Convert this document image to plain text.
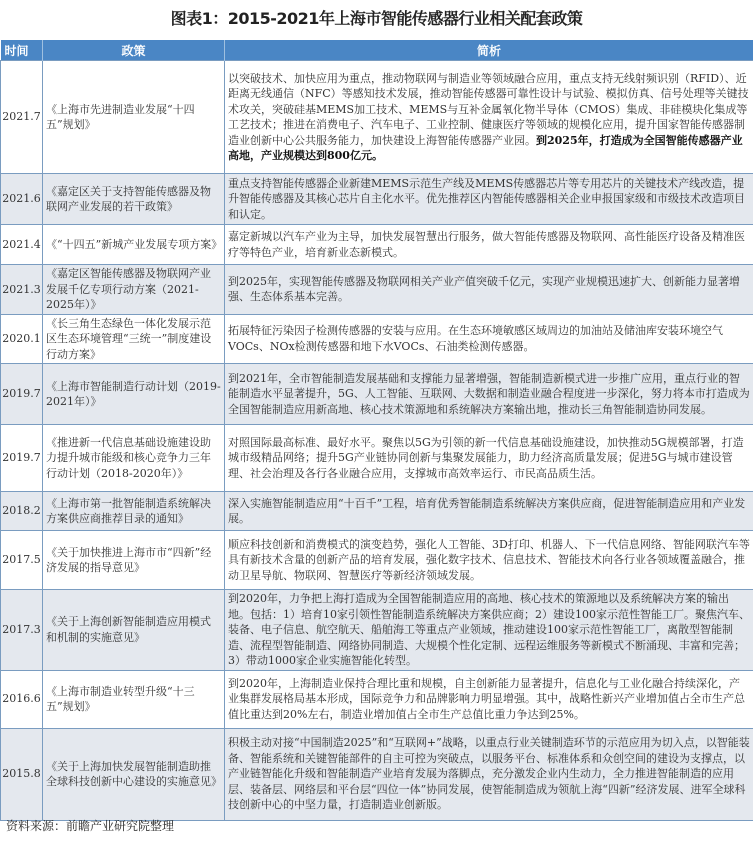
图表1：2015-2021年上海市智能传感器行业相关配套政策
时间	政策	简析
2021.7	《上海市先进制造业发展“十四五”规划》	以突破技术、加快应用为重点，推动物联网与制造业等领域融合应用，重点支持无线射频识别（RFID）、近距离无线通信（NFC）等感知技术发展，推动智能传感器可靠性设计与试验、模拟仿真、信号处理等关键技术攻关，突破硅基MEMS加工技术、MEMS与互补金属氧化物半导体（CMOS）集成、非硅模块化集成等工艺技术；推进在消费电子、汽车电子、工业控制、健康医疗等领域的规模化应用，提升国家智能传感器制造业创新中心公共服务能力，加快建设上海智能传感器产业园。到2025年，打造成为全国智能传感器产业高地，产业规模达到800亿元。
2021.6	《嘉定区关于支持智能传感器及物联网产业发展的若干政策》	重点支持智能传感器企业新建MEMS示范生产线及MEMS传感器芯片等专用芯片的关键技术产线改造，提升智能传感器及其核心芯片自主化水平。优先推荐区内智能传感器相关企业申报国家级和市级技术改造项目和认定。
2021.4	《“十四五”新城产业发展专项方案》	嘉定新城以汽车产业为主导，加快发展智慧出行服务，做大智能传感器及物联网、高性能医疗设备及精准医疗等特色产业，培育新业态新模式。
2021.3	《嘉定区智能传感器及物联网产业发展千亿专项行动方案（2021-2025年）》	到2025年，实现智能传感器及物联网相关产业产值突破千亿元，实现产业规模迅速扩大、创新能力显著增强、生态体系基本完善。
2020.1	《长三角生态绿色一体化发展示范区生态环境管理“三统一”制度建设行动方案》	拓展特征污染因子检测传感器的安装与应用。在生态环境敏感区域周边的加油站及储油库安装环境空气VOCs、NOx检测传感器和地下水VOCs、石油类检测传感器。
2019.7	《上海市智能制造行动计划（2019-2021年）》	到2021年，全市智能制造发展基础和支撑能力显著增强，智能制造新模式进一步推广应用，重点行业的智能制造水平显著提升，5G、人工智能、互联网、大数据和制造业融合程度进一步深化，努力将本市打造成为全国智能制造应用新高地、核心技术策源地和系统解决方案输出地，推动长三角智能制造协同发展。
2019.7	《推进新一代信息基础设施建设助力提升城市能级和核心竞争力三年行动计划（2018-2020年）》	对照国际最高标准、最好水平。聚焦以5G为引领的新一代信息基础设施建设，加快推动5G规模部署，打造城市级精品网络；提升5G产业链协同创新与集聚发展能力，助力经济高质量发展；促进5G与城市建设管理、社会治理及各行各业融合应用，支撑城市高效率运行、市民高品质生活。
2018.2	《上海市第一批智能制造系统解决方案供应商推荐目录的通知》	深入实施智能制造应用“十百千”工程，培育优秀智能制造系统解决方案供应商，促进智能制造应用和产业发展。
2017.5	《关于加快推进上海市市“四新”经济发展的指导意见》	顺应科技创新和消费模式的演变趋势，强化人工智能、3D打印、机器人、下一代信息网络、智能网联汽车等具有新技术含量的创新产品的培育发展，强化数字技术、信息技术、智能技术向各行业各领域覆盖融合，推动卫星导航、物联网、智慧医疗等新经济领域发展。
2017.3	《关于上海创新智能制造应用模式和机制的实施意见》	到2020年，力争把上海打造成为全国智能制造应用的高地、核心技术的策源地以及系统解决方案的输出地。包括：1）培育10家引领性智能制造系统解决方案供应商；2）建设100家示范性智能工厂。聚焦汽车、装备、电子信息、航空航天、船舶海工等重点产业领域，推动建设100家示范性智能工厂，离散型智能制造、流程型智能制造、网络协同制造、大规模个性化定制、远程运维服务等新模式不断涌现、丰富和完善；3）带动1000家企业实施智能化转型。
2016.6	《上海市制造业转型升级“十三五”规划》	到2020年，上海制造业保持合理比重和规模，自主创新能力显著提升，信息化与工业化融合持续深化，产业集群发展格局基本形成，国际竞争力和品牌影响力明显增强。其中，战略性新兴产业增加值占全市生产总值比重达到20%左右，制造业增加值占全市生产总值比重力争达到25%。
2015.8	《关于上海加快发展智能制造助推全球科技创新中心建设的实施意见》	积极主动对接“中国制造2025”和“互联网+”战略，以重点行业关键制造环节的示范应用为切入点，以智能装备、智能系统和关键智能部件的自主可控为突破点，以服务平台、标准体系和众创空间的建设为支撑点，以产业链智能化升级和智能制造产业培育发展为落脚点，充分激发企业内生动力，全力推进智能制造的应用层、装备层、网络层和平台层“四位一体”协同发展，使智能制造成为领航上海“四新”经济发展、进军全球科技创新中心的中坚力量，打造制造业创新版。
资料来源：前瞻产业研究院整理
